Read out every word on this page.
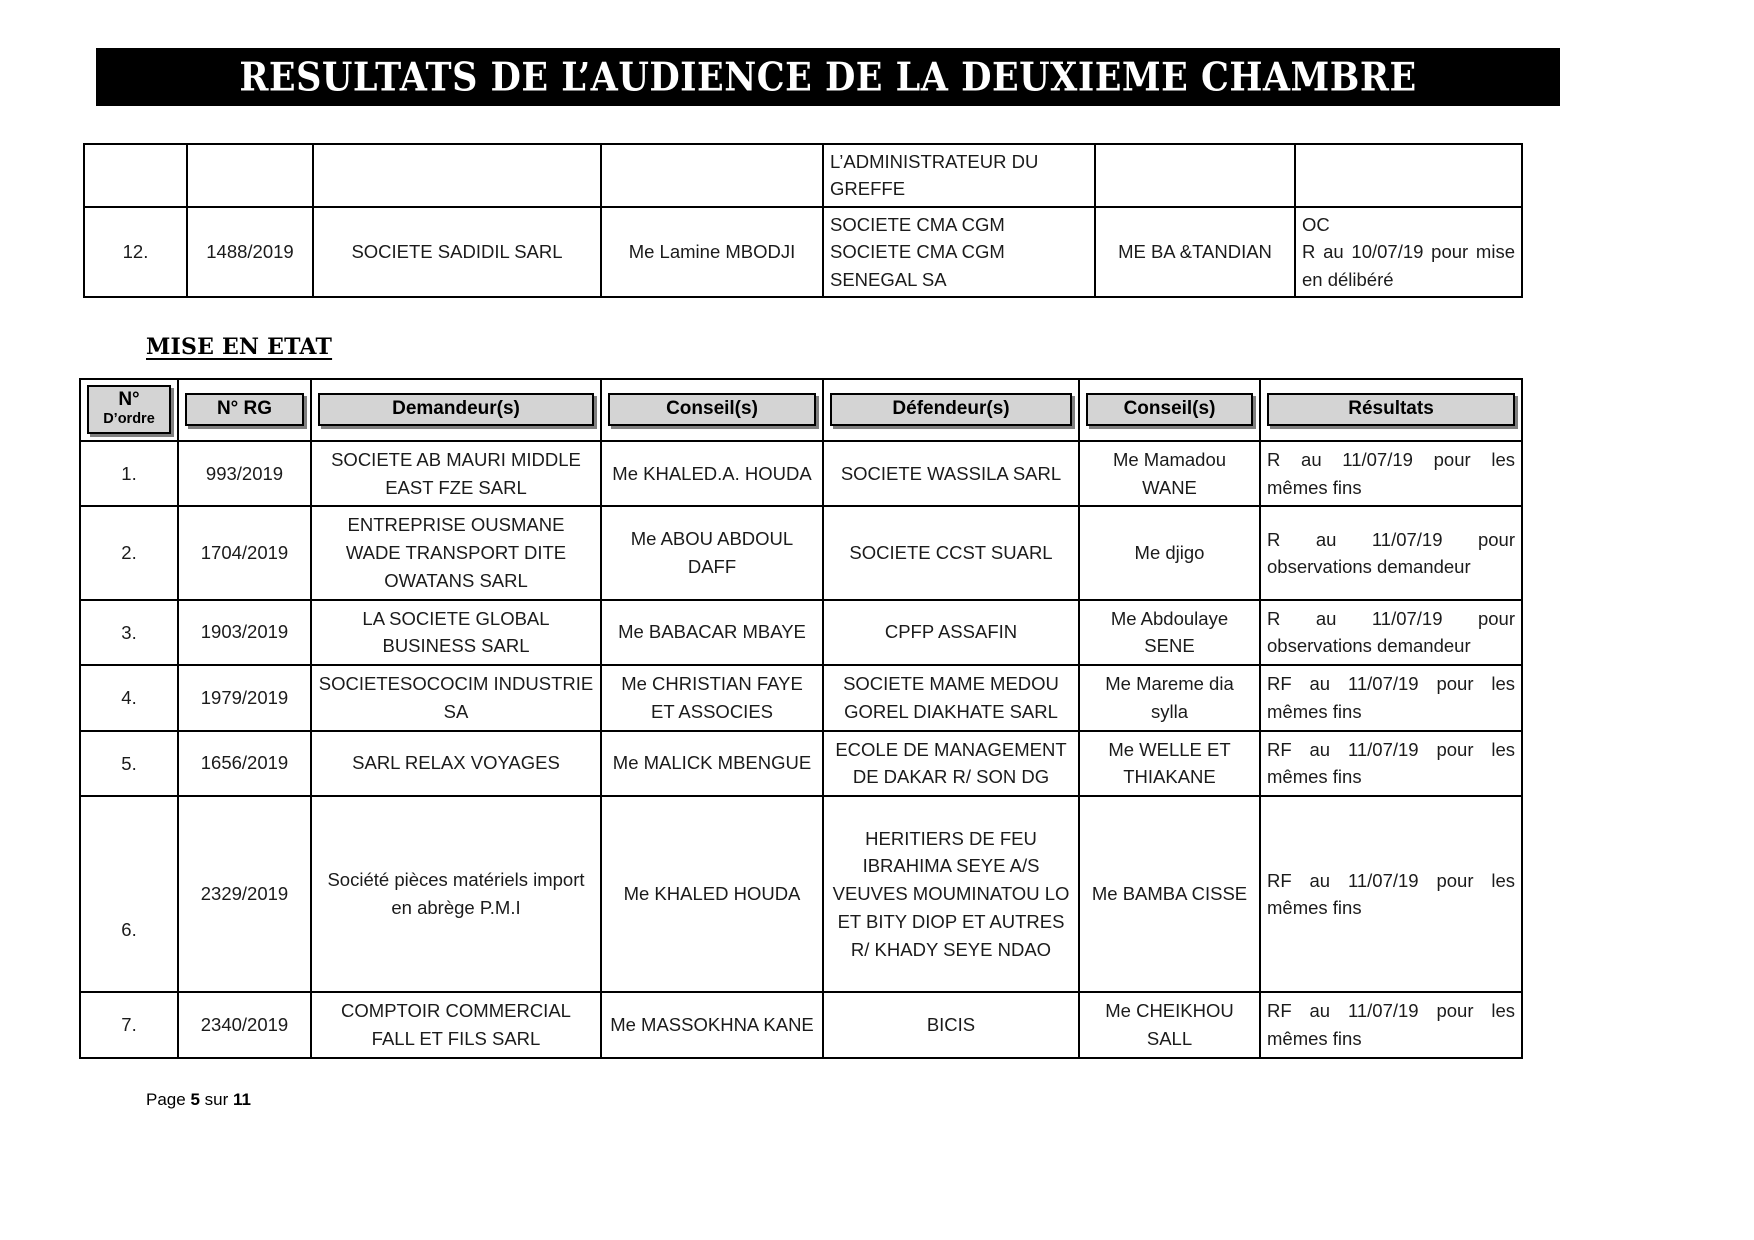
RESULTATS DE L’AUDIENCE DE LA DEUXIEME CHAMBRE
				L’ADMINISTRATEUR DU GREFFE		
12.	1488/2019	SOCIETE SADIDIL SARL	Me Lamine MBODJI	SOCIETE CMA CGM SOCIETE CMA CGM SENEGAL SA	ME BA &TANDIAN	OC
R au 10/07/19 pour mise en délibéré
MISE EN ETAT
N°
D’ordre	N° RG	Demandeur(s)	Conseil(s)	Défendeur(s)	Conseil(s)	Résultats

1.	993/2019	SOCIETE AB MAURI MIDDLE EAST FZE SARL	Me KHALED.A. HOUDA	SOCIETE WASSILA SARL	Me Mamadou WANE	R au 11/07/19 pour les mêmes fins
2.	1704/2019	ENTREPRISE OUSMANE WADE TRANSPORT DITE OWATANS SARL	Me ABOU ABDOUL DAFF	SOCIETE CCST SUARL	Me djigo	R au 11/07/19 pour observations demandeur
3.	1903/2019	LA SOCIETE GLOBAL BUSINESS SARL	Me BABACAR MBAYE	CPFP ASSAFIN	Me Abdoulaye SENE	R au 11/07/19 pour observations demandeur
4.	1979/2019	SOCIETESOCOCIM INDUSTRIE SA	Me CHRISTIAN FAYE ET ASSOCIES	SOCIETE MAME MEDOU GOREL DIAKHATE SARL	Me Mareme dia sylla	RF au 11/07/19 pour les mêmes fins
5.	1656/2019	SARL RELAX VOYAGES	Me MALICK MBENGUE	ECOLE DE MANAGEMENT DE DAKAR R/ SON DG	Me WELLE ET THIAKANE	RF au 11/07/19 pour les mêmes fins
6.	2329/2019	Société pièces matériels import en abrège P.M.I	Me KHALED HOUDA	HERITIERS DE FEU IBRAHIMA SEYE A/S VEUVES MOUMINATOU LO ET BITY DIOP ET AUTRES R/ KHADY SEYE NDAO	Me BAMBA CISSE	RF au 11/07/19 pour les mêmes fins
7.	2340/2019	COMPTOIR COMMERCIAL FALL ET FILS SARL	Me MASSOKHNA KANE	BICIS	Me CHEIKHOU SALL	RF au 11/07/19 pour les mêmes fins
Page 5 sur 11
